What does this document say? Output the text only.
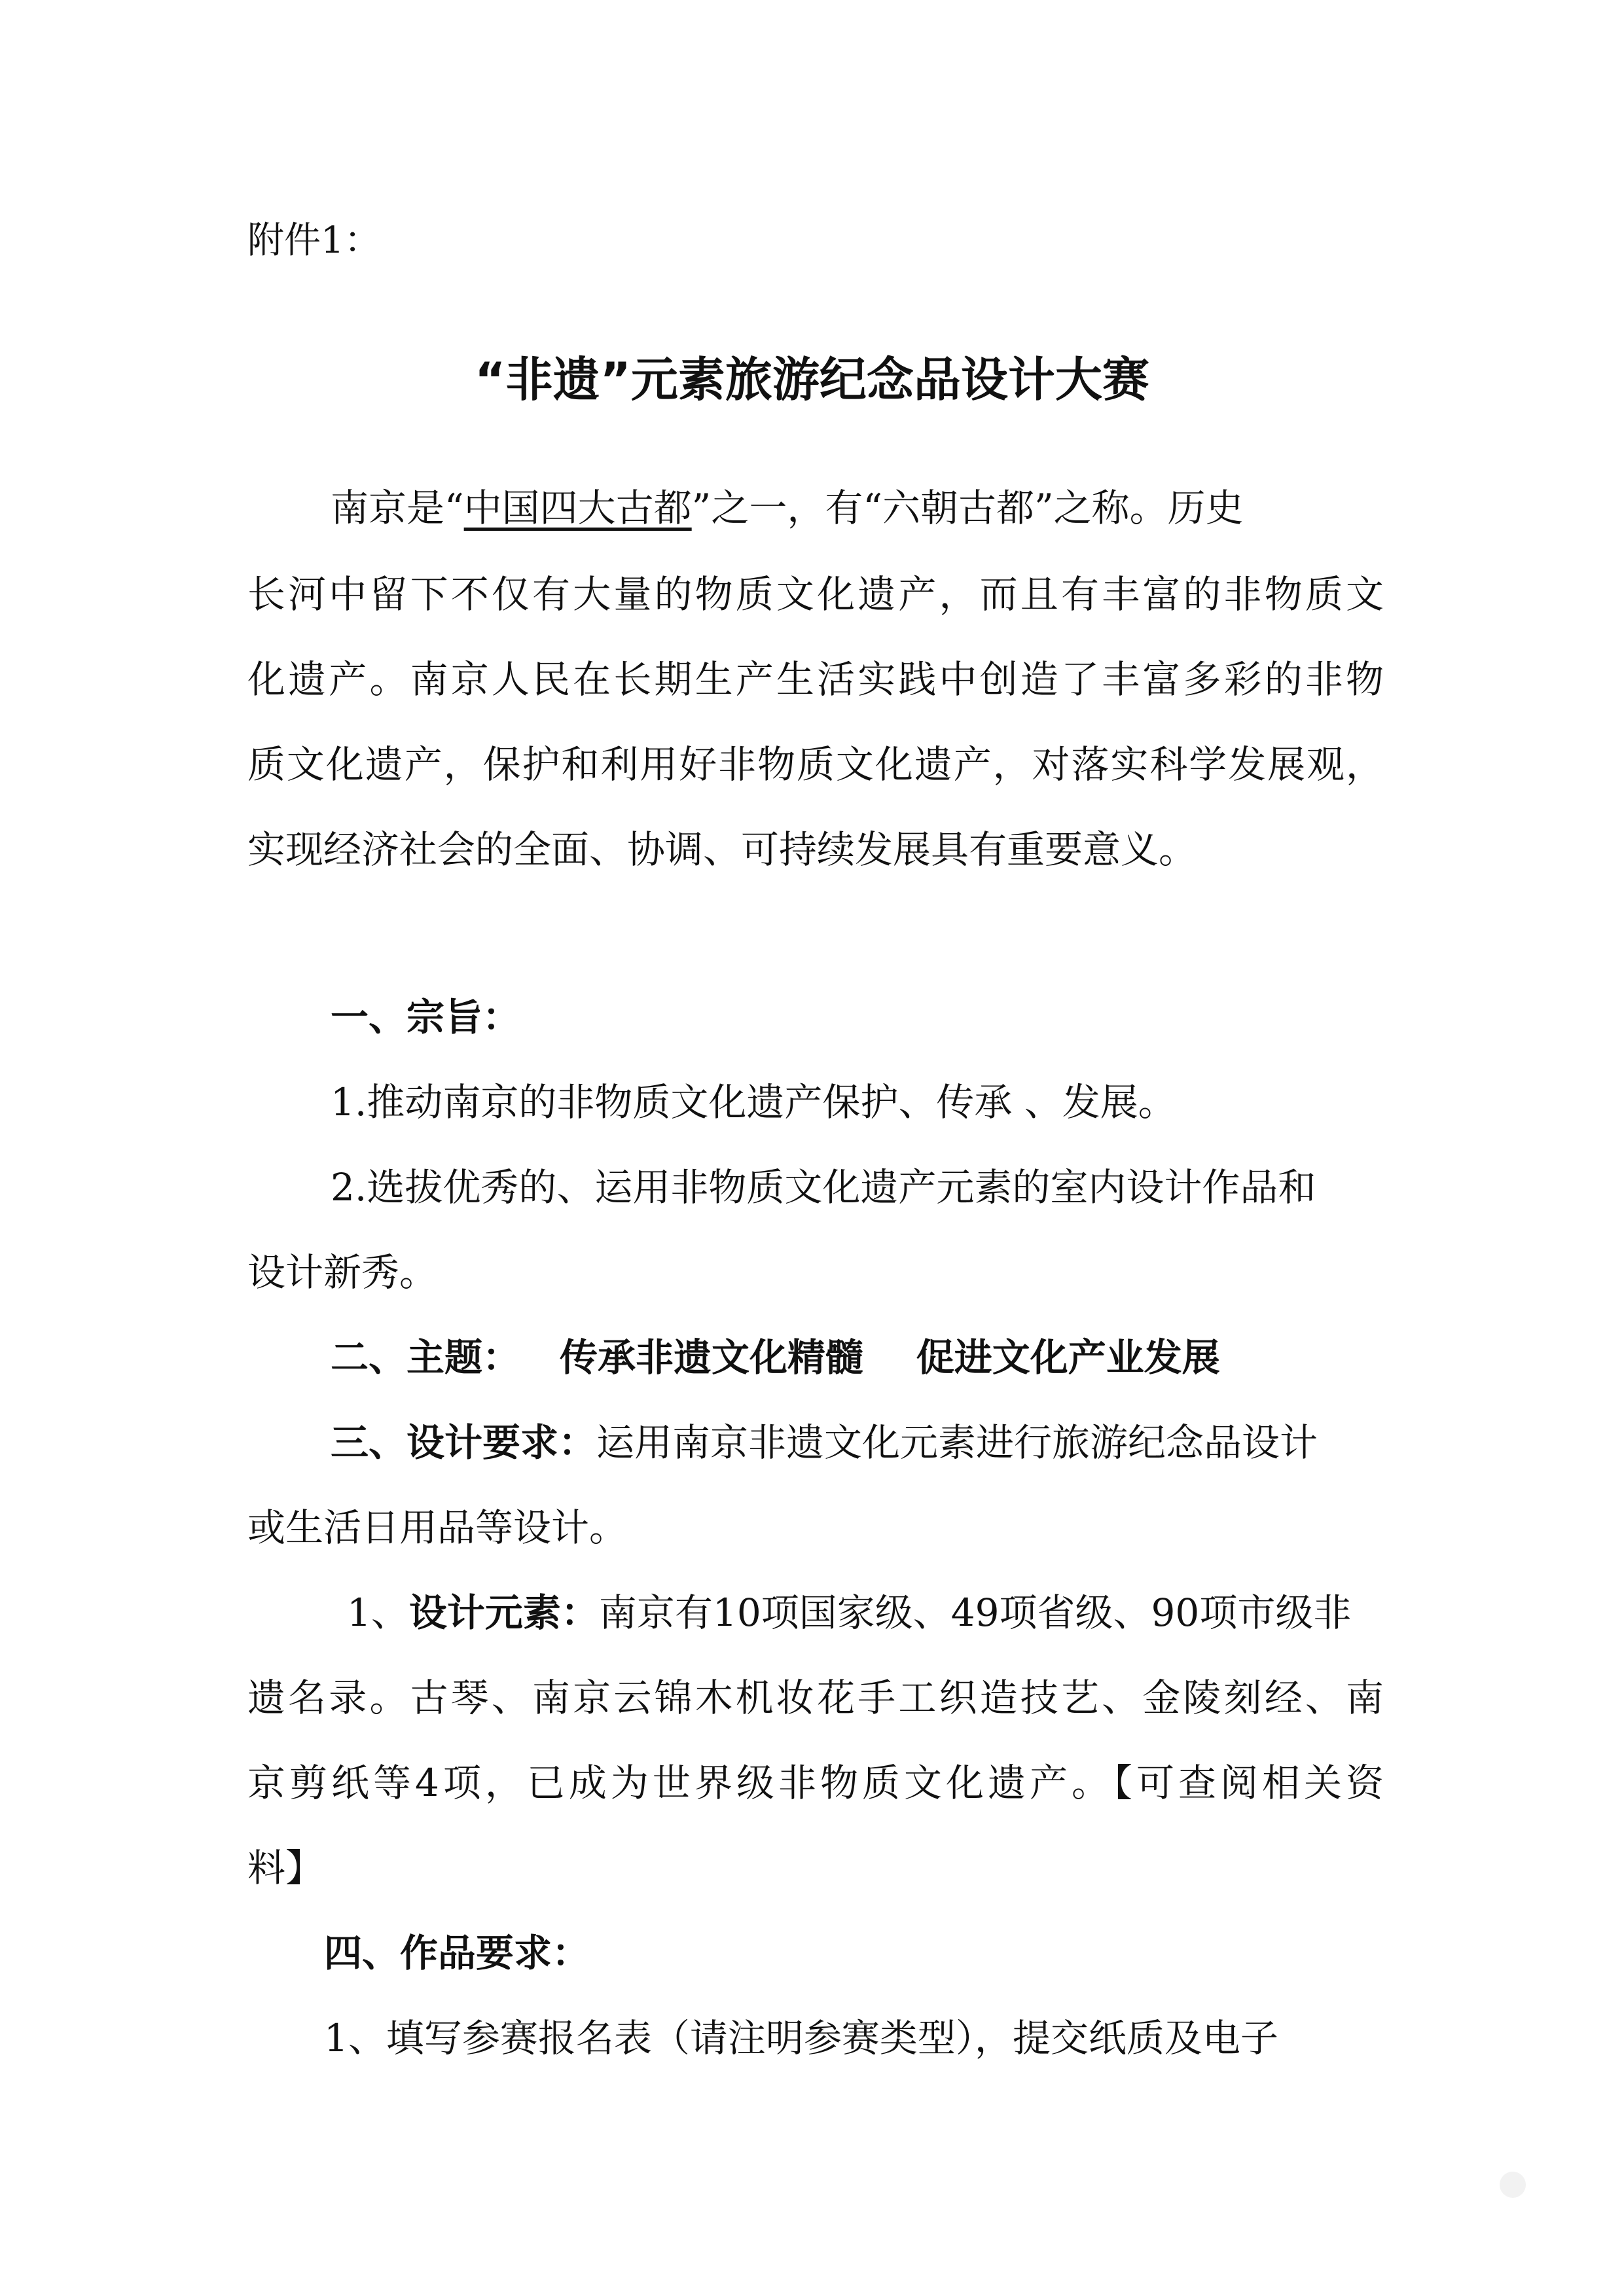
附件1：
“非遗”元素旅游纪念品设计大赛
南京是“中国四大古都”之一，有“六朝古都”之称。历史
长河中留下不仅有大量的物质文化遗产，而且有丰富的非物质文
化遗产。南京人民在长期生产生活实践中创造了丰富多彩的非物
质文化遗产，保护和利用好非物质文化遗产，对落实科学发展观，
实现经济社会的全面、协调、可持续发展具有重要意义。
一、宗旨：
1.推动南京的非物质文化遗产保护、传承 、发展。
2.选拔优秀的、运用非物质文化遗产元素的室内设计作品和
设计新秀。
二、主题： 传承非遗文化精髓    促进文化产业发展
三、设计要求：运用南京非遗文化元素进行旅游纪念品设计
或生活日用品等设计。
1、设计元素：南京有10项国家级、49项省级、90项市级非
遗名录。古琴、南京云锦木机妆花手工织造技艺、金陵刻经、南
京剪纸等4项，已成为世界级非物质文化遗产。【可查阅相关资
料】
四、作品要求：
1、填写参赛报名表（请注明参赛类型），提交纸质及电子
